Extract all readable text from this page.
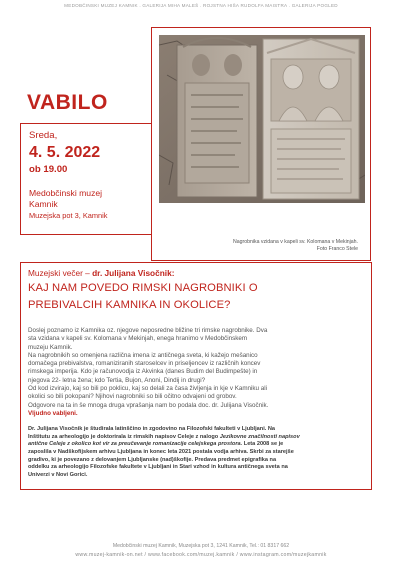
MEDOBČINSKI MUZEJ KAMNIK . GALERIJA MIHA MALEŠ . ROJSTNA HIŠA RUDOLFA MAISTRA . GALERIJA POGLED
VABILO
Sreda,
4. 5. 2022
ob 19.00
Medobčinski muzej
Kamnik
Muzejska pot 3, Kamnik
Nagrobnika vzidana v kapeli sv. Kolomana v Mekinjah.
Foto Franco Stele
Muzejski večer – dr. Julijana Visočnik:
KAJ NAM POVEDO RIMSKI NAGROBNIKI O
PREBIVALCIH KAMNIKA IN OKOLICE?
Doslej poznamo iz Kamnika oz. njegove neposredne bližine tri rimske nagrobnike. Dva
sta vzidana v kapeli sv. Kolomana v Mekinjah, enega hranimo v Medobčinskem
muzeju Kamnik.
Na nagrobnikih so omenjena različna imena iz antičnega sveta, ki kažejo mešanico
domačega prebivalstva, romaniziranih staroselcev in priseljencev iz različnih koncev
rimskega imperija. Kdo je računovodja iz Akvinka (danes Budim del Budimpešte) in
njegova 22- letna žena; kdo Tertia, Bujon, Anoni, Dindij in drugi?
Od kod izvirajo, kaj so bili po poklicu, kaj so delali za časa življenja in kje v Kamniku ali
okolici so bili pokopani? Njihovi nagrobniki so bili očitno odvajeni od grobov.
Odgovore na ta in še mnoga druga vprašanja nam bo podala doc. dr. Julijana Visočnik.
Vljudno vabljeni.
Dr. Julijana Visočnik je študirala latinščino in zgodovino na Filozofski fakulteti v Ljubljani. Na
Inštitutu za arheologijo je doktorirala iz rimskih napisov Celeje z nalogo Jezikovne značilnosti napisov
antične Celeje z okolico kot vir za preučevanje romanizacije celejskega prostora. Leta 2008 se je
zaposlila v Nadškofijskem arhivu Ljubljana in konec leta 2021 postala vodja arhiva. Skrbi za starejše
gradivo, ki je povezano z delovanjem Ljubljanske (nad)škofije. Predava predmet epigrafika na
oddelku za arheologijo Filozofske fakultete v Ljubljani in Stari vzhod in kultura antičnega sveta na
Univerzi v Novi Gorici.
Medobčinski muzej Kamnik, Muzejska pot 3, 1241 Kamnik, Tel.: 01 8317 662
www.muzej-kamnik-on.net / www.facebook.com/muzej.kamnik / www.instagram.com/muzejkamnik
